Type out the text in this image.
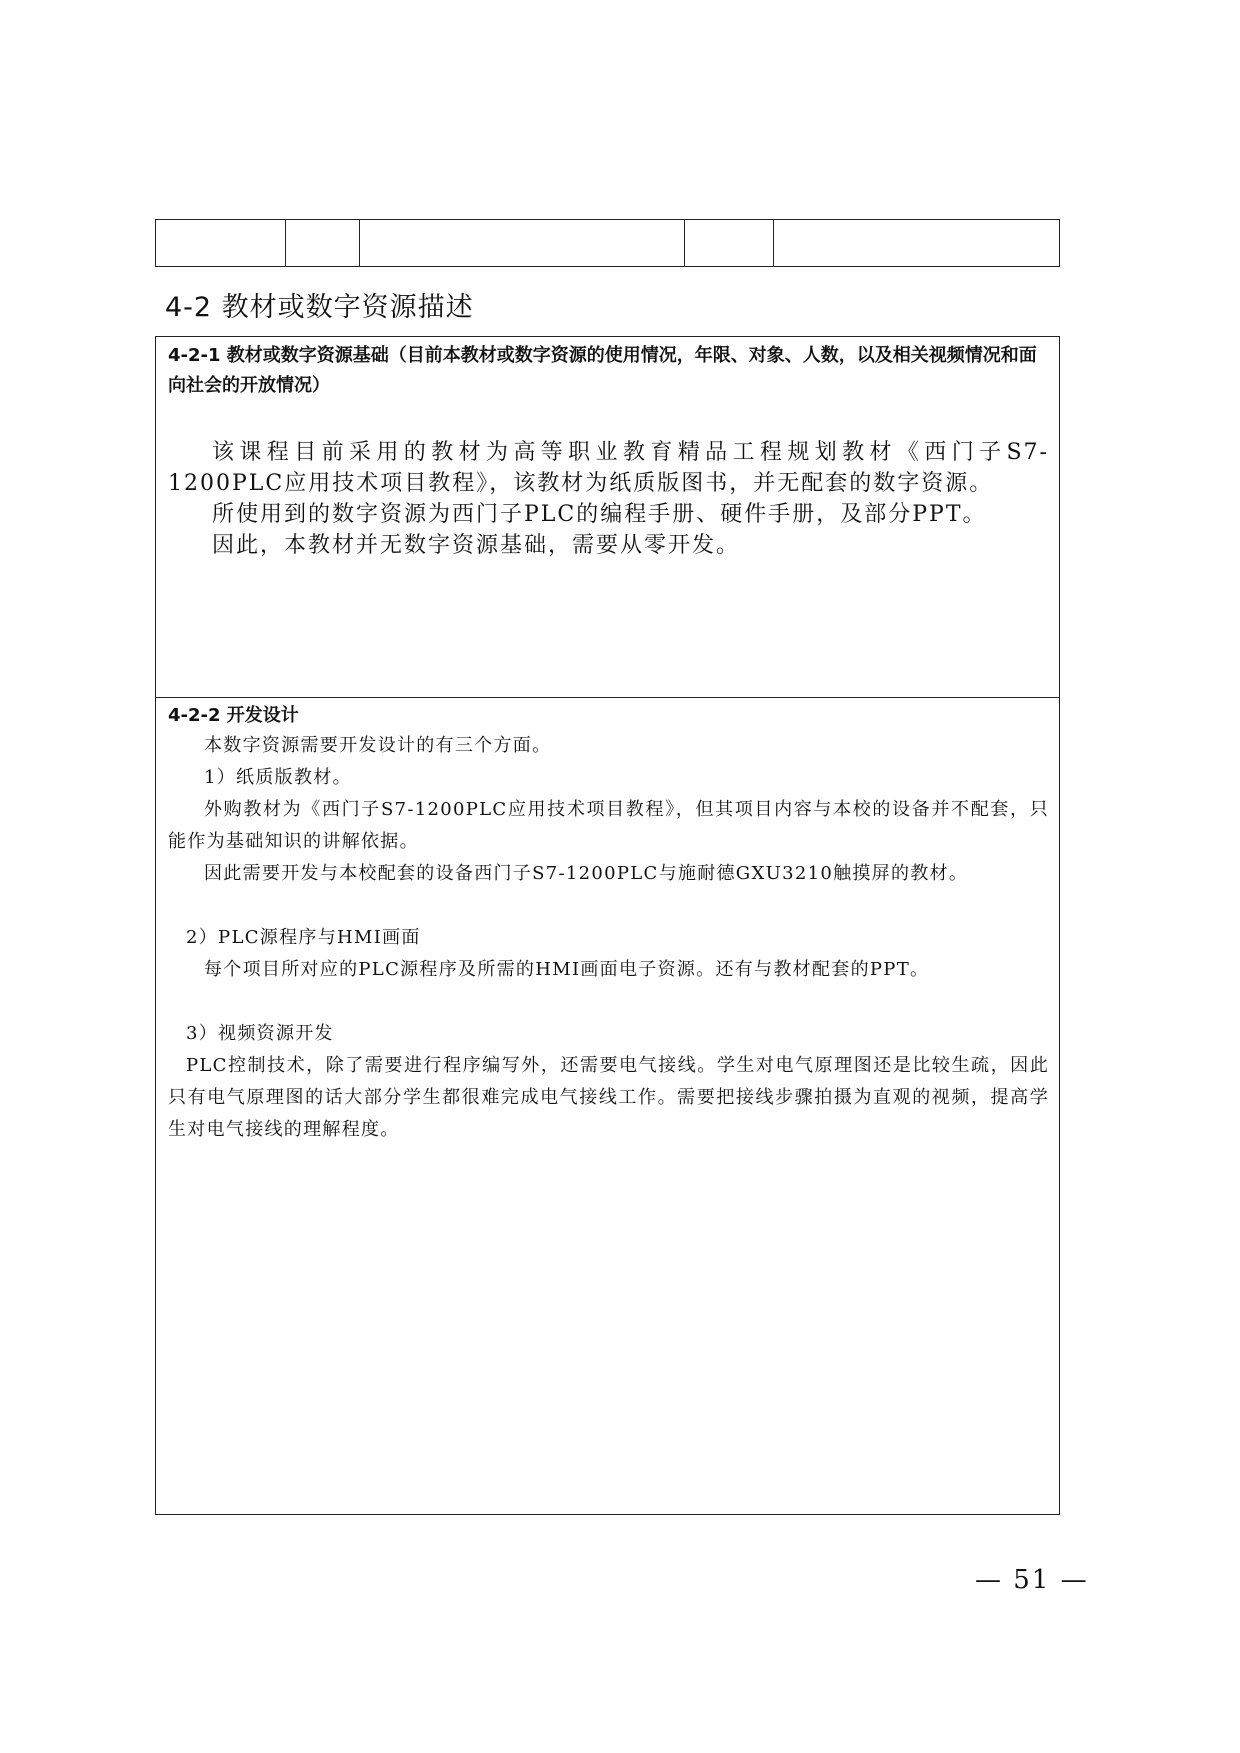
4-2 教材或数字资源描述
4-2-1 教材或数字资源基础（目前本教材或数字资源的使用情况，年限、对象、人数，以及相关视频情况和面向社会的开放情况）

该课程目前采用的教材为高等职业教育精品工程规划教材《西门子S7-1200PLC应用技术项目教程》，该教材为纸质版图书，并无配套的数字资源。

所使用到的数字资源为西门子PLC的编程手册、硬件手册，及部分PPT。

因此，本教材并无数字资源基础，需要从零开发。

4-2-2 开发设计

本数字资源需要开发设计的有三个方面。

1）纸质版教材。

外购教材为《西门子S7-1200PLC应用技术项目教程》，但其项目内容与本校的设备并不配套，只能作为基础知识的讲解依据。

因此需要开发与本校配套的设备西门子S7-1200PLC与施耐德GXU3210触摸屏的教材。

2）PLC源程序与HMI画面

每个项目所对应的PLC源程序及所需的HMI画面电子资源。还有与教材配套的PPT。

3）视频资源开发

PLC控制技术，除了需要进行程序编写外，还需要电气接线。学生对电气原理图还是比较生疏，因此只有电气原理图的话大部分学生都很难完成电气接线工作。需要把接线步骤拍摄为直观的视频，提高学生对电气接线的理解程度。

— 51 —
